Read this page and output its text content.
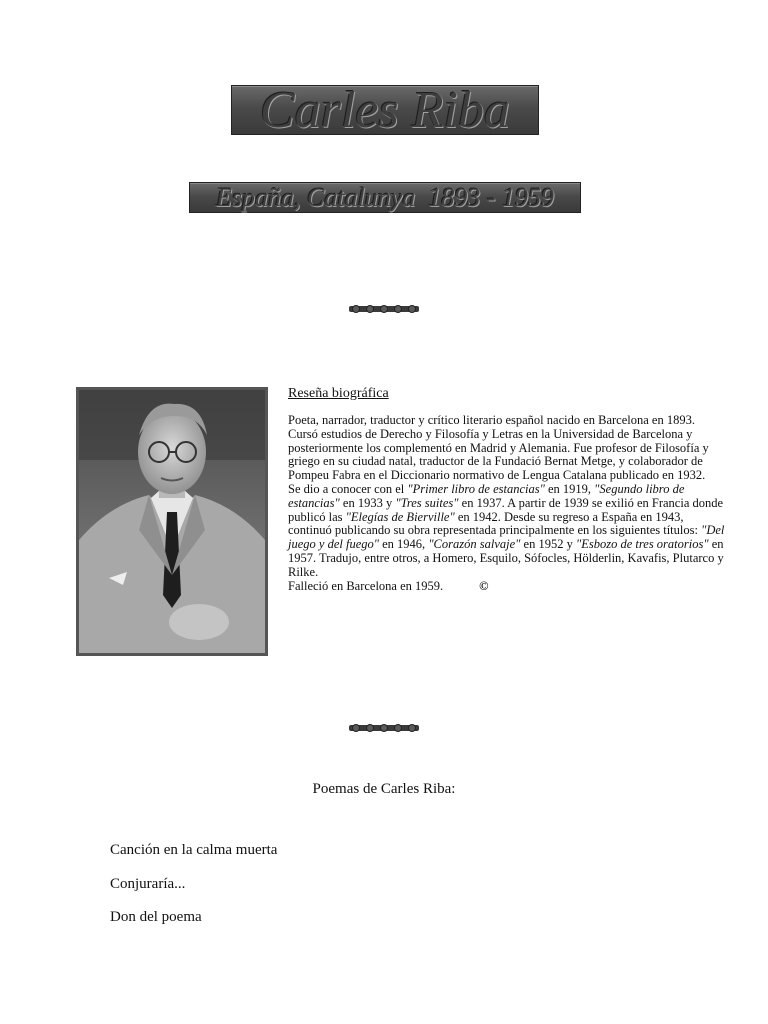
Carles Riba
España, Catalunya  1893 - 1959
Reseña biográfica

Poeta, narrador, traductor y crítico literario español nacido en Barcelona en 1893.

Cursó estudios de Derecho y Filosofía y Letras en la Universidad de Barcelona y posteriormente los complementó en Madrid y Alemania. Fue profesor de Filosofía y griego en su ciudad natal, traductor de la Fundació Bernat Metge, y colaborador de Pompeu Fabra en el Diccionario normativo de Lengua Catalana publicado en 1932.

Se dio a conocer con el "Primer libro de estancias" en 1919, "Segundo libro de estancias" en 1933 y "Tres suites" en 1937. A partir de 1939 se exilió en Francia donde publicó las "Elegías de Bierville" en 1942. Desde su regreso a España en 1943, continuó publicando su obra representada principalmente en los siguientes títulos: "Del juego y del fuego" en 1946, "Corazón salvaje" en 1952 y "Esbozo de tres oratorios" en 1957. Tradujo, entre otros, a Homero, Esquilo, Sófocles, Hölderlin, Kavafis, Plutarco y Rilke.

Falleció en Barcelona en 1959.	©

Poemas de Carles Riba:
Canción en la calma muerta
Conjuraría...
Don del poema
